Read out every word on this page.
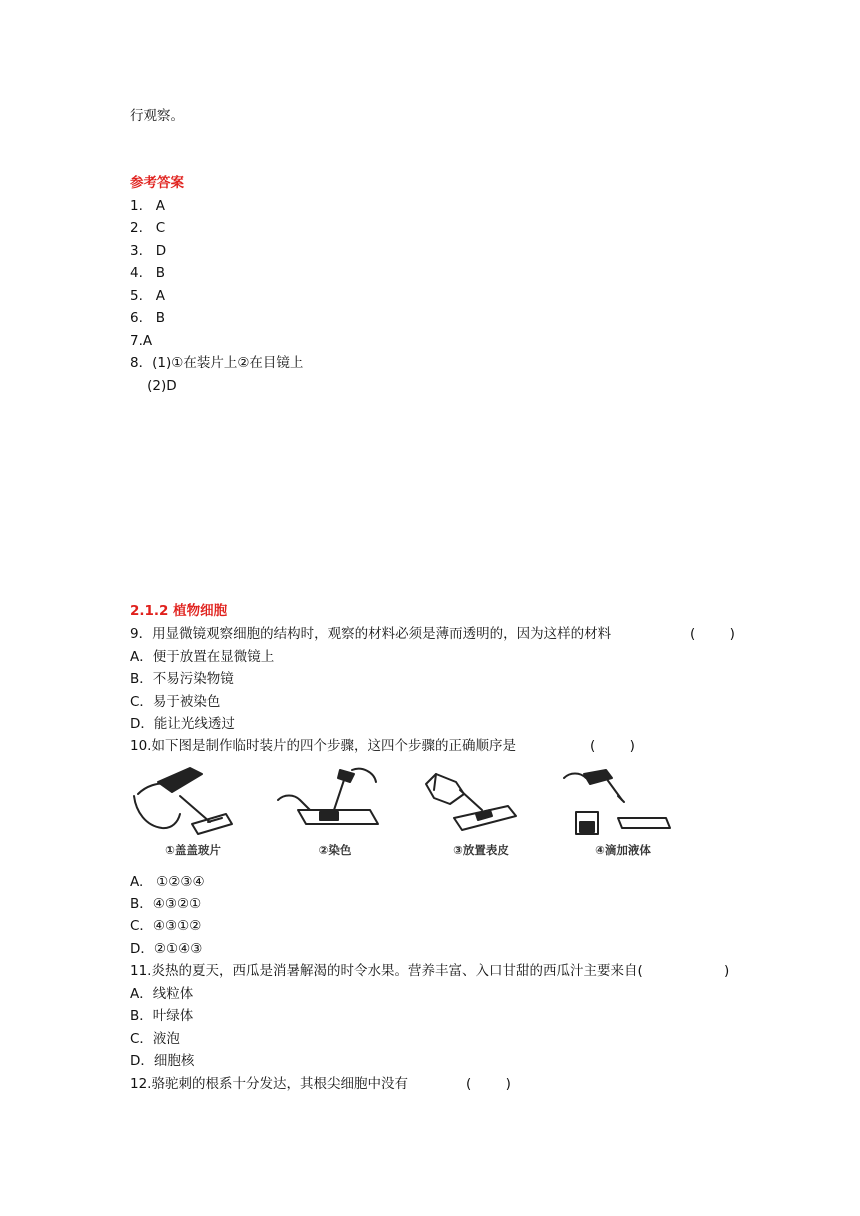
行观察。
参考答案
1.   A
2.   C
3.   D
4.   B
5.   A
6.   B
7.A
8．(1)①在装片上②在目镜上
(2)D
2.1.2 植物细胞
9．用显微镜观察细胞的结构时，观察的材料必须是薄而透明的，因为这样的材料	(        )
A．便于放置在显微镜上
B．不易污染物镜
C．易于被染色
D．能让光线透过
10.如下图是制作临时装片的四个步骤，这四个步骤的正确顺序是	(        )
①盖盖玻片	②染色	③放置表皮	④滴加液体
A.   ①②③④
B．④③②①
C．④③①②
D．②①④③
11.炎热的夏天，西瓜是消暑解渴的时令水果。营养丰富、入口甘甜的西瓜汁主要来自(	)
A．线粒体
B．叶绿体
C．液泡
D．细胞核
12.骆驼刺的根系十分发达，其根尖细胞中没有	(        )
